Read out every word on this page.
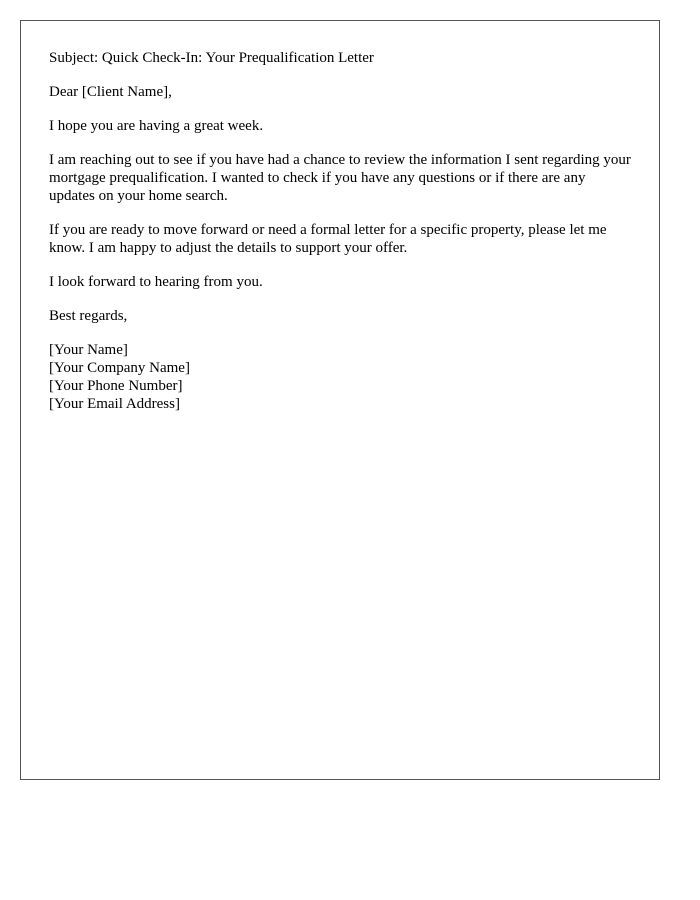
Subject: Quick Check-In: Your Prequalification Letter

Dear [Client Name],

I hope you are having a great week.

I am reaching out to see if you have had a chance to review the information I sent regarding your mortgage prequalification. I wanted to check if you have any questions or if there are any updates on your home search.

If you are ready to move forward or need a formal letter for a specific property, please let me know. I am happy to adjust the details to support your offer.

I look forward to hearing from you.

Best regards,

[Your Name]
[Your Company Name]
[Your Phone Number]
[Your Email Address]
